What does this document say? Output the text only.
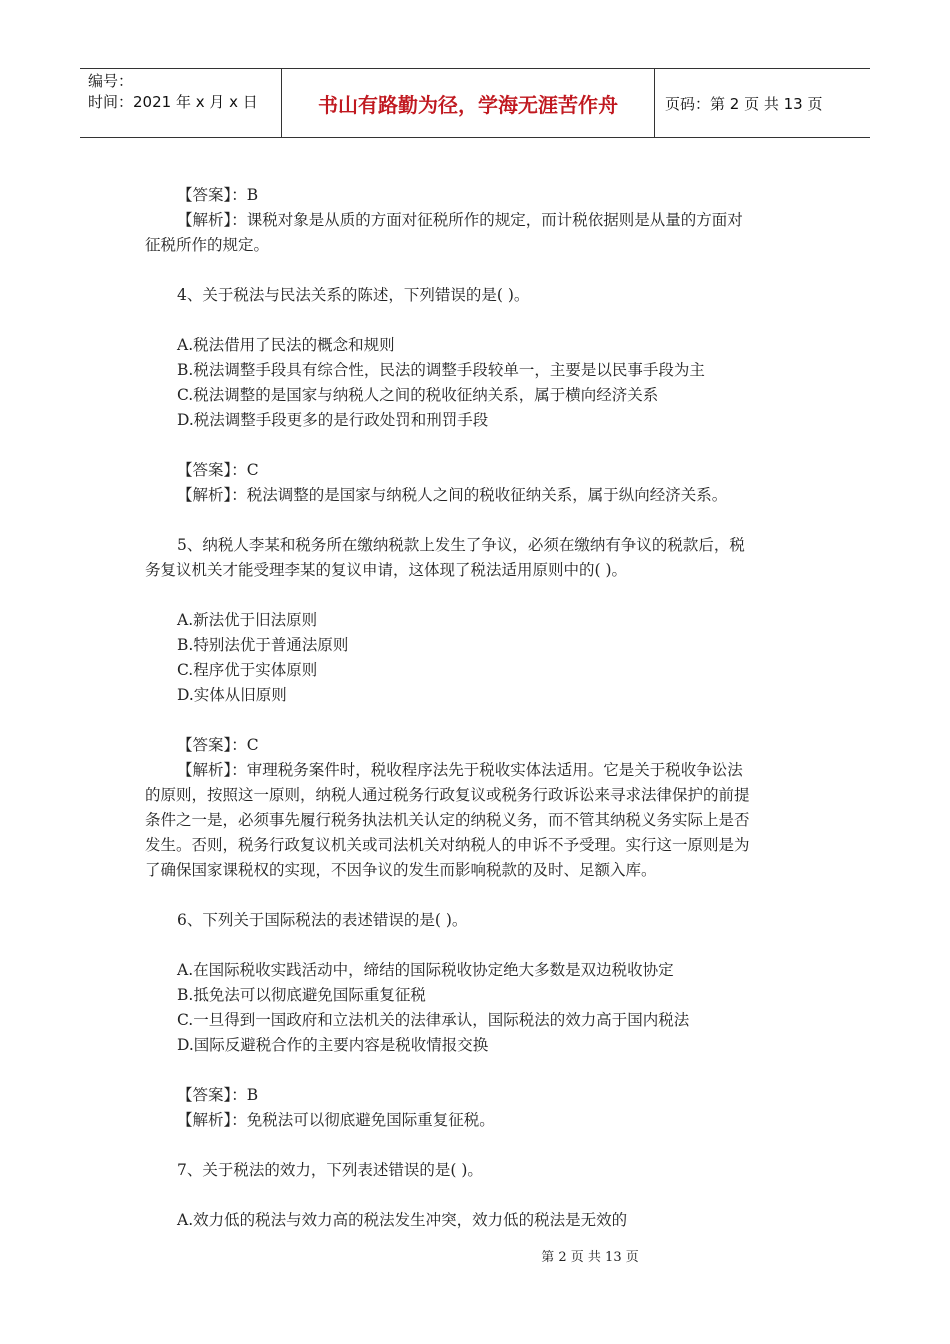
编号：
时间：2021 年 x 月 x 日	书山有路勤为径，学海无涯苦作舟	页码：第 2 页 共 13 页
【答案】：B
【解析】：课税对象是从质的方面对征税所作的规定，而计税依据则是从量的方面对
征税所作的规定。
4、关于税法与民法关系的陈述，下列错误的是( )。
A.税法借用了民法的概念和规则
B.税法调整手段具有综合性，民法的调整手段较单一，主要是以民事手段为主
C.税法调整的是国家与纳税人之间的税收征纳关系，属于横向经济关系
D.税法调整手段更多的是行政处罚和刑罚手段
【答案】：C
【解析】：税法调整的是国家与纳税人之间的税收征纳关系，属于纵向经济关系。
5、纳税人李某和税务所在缴纳税款上发生了争议，必须在缴纳有争议的税款后，税
务复议机关才能受理李某的复议申请，这体现了税法适用原则中的( )。
A.新法优于旧法原则
B.特别法优于普通法原则
C.程序优于实体原则
D.实体从旧原则
【答案】：C
【解析】：审理税务案件时，税收程序法先于税收实体法适用。它是关于税收争讼法
的原则，按照这一原则，纳税人通过税务行政复议或税务行政诉讼来寻求法律保护的前提
条件之一是，必须事先履行税务执法机关认定的纳税义务，而不管其纳税义务实际上是否
发生。否则，税务行政复议机关或司法机关对纳税人的申诉不予受理。实行这一原则是为
了确保国家课税权的实现，不因争议的发生而影响税款的及时、足额入库。
6、下列关于国际税法的表述错误的是( )。
A.在国际税收实践活动中，缔结的国际税收协定绝大多数是双边税收协定
B.抵免法可以彻底避免国际重复征税
C.一旦得到一国政府和立法机关的法律承认，国际税法的效力高于国内税法
D.国际反避税合作的主要内容是税收情报交换
【答案】：B
【解析】：免税法可以彻底避免国际重复征税。
7、关于税法的效力，下列表述错误的是( )。
A.效力低的税法与效力高的税法发生冲突，效力低的税法是无效的
第 2 页 共 13 页
